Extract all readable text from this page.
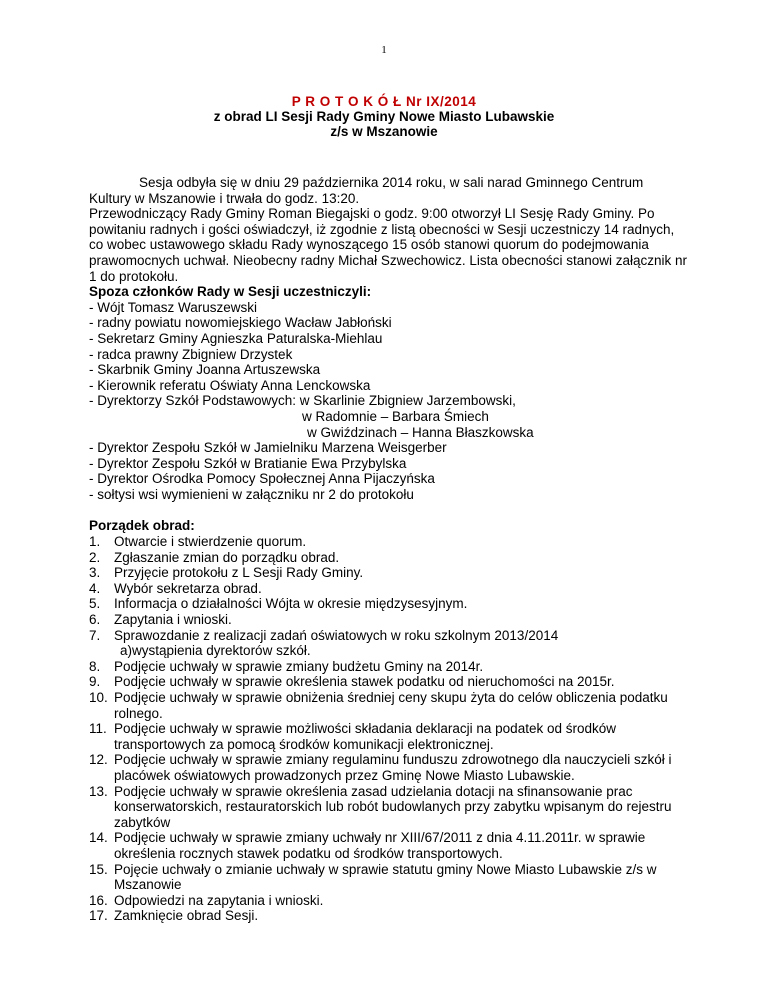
1
P R O T O K Ó Ł Nr IX/2014
z obrad LI Sesji Rady Gminy Nowe Miasto Lubawskie
z/s w Mszanowie

Sesja odbyła się w dniu 29 października 2014 roku, w sali narad Gminnego Centrum Kultury w Mszanowie i trwała do godz. 13:20.

Przewodniczący Rady Gminy Roman Biegajski o godz. 9:00 otworzył LI Sesję Rady Gminy. Po powitaniu radnych i gości oświadczył, iż zgodnie z listą obecności w Sesji uczestniczy 14 radnych, co wobec ustawowego składu Rady wynoszącego 15 osób stanowi quorum do podejmowania prawomocnych uchwał. Nieobecny radny Michał Szwechowicz. Lista obecności stanowi załącznik nr 1 do protokołu.

Spoza członków Rady w Sesji uczestniczyli:

- Wójt Tomasz Waruszewski
- radny powiatu nowomiejskiego Wacław Jabłoński
- Sekretarz Gminy Agnieszka Paturalska-Miehlau
- radca prawny Zbigniew Drzystek
- Skarbnik Gminy Joanna Artuszewska
- Kierownik referatu Oświaty Anna Lenckowska
- Dyrektorzy Szkół Podstawowych: w Skarlinie Zbigniew Jarzembowski,
w Radomnie – Barbara Śmiech
w Gwiździnach – Hanna Błaszkowska
- Dyrektor Zespołu Szkół w Jamielniku Marzena Weisgerber
- Dyrektor Zespołu Szkół w Bratianie Ewa Przybylska
- Dyrektor Ośrodka Pomocy Społecznej Anna Pijaczyńska
- sołtysi wsi wymienieni w załączniku nr 2 do protokołu

Porządek obrad:

1. Otwarcie i stwierdzenie quorum.
2. Zgłaszanie zmian do porządku obrad.
3. Przyjęcie protokołu z L Sesji Rady Gminy.
4. Wybór sekretarza obrad.
5. Informacja o działalności Wójta w okresie międzysesyjnym.
6. Zapytania i wnioski.
7. Sprawozdanie z realizacji zadań oświatowych w roku szkolnym 2013/2014
a)wystąpienia dyrektorów szkół.
8. Podjęcie uchwały w sprawie zmiany budżetu Gminy na 2014r.
9. Podjęcie uchwały w sprawie określenia stawek podatku od nieruchomości na 2015r.
10. Podjęcie uchwały w sprawie obniżenia średniej ceny skupu żyta do celów obliczenia podatku rolnego.
11. Podjęcie uchwały w sprawie możliwości składania deklaracji na podatek od środków transportowych za pomocą środków komunikacji elektronicznej.
12. Podjęcie uchwały w sprawie zmiany regulaminu funduszu zdrowotnego dla nauczycieli szkół i placówek oświatowych prowadzonych przez Gminę Nowe Miasto Lubawskie.
13. Podjęcie uchwały w sprawie określenia zasad udzielania dotacji na sfinansowanie prac konserwatorskich, restauratorskich lub robót budowlanych przy zabytku wpisanym do rejestru zabytków
14. Podjęcie uchwały w sprawie zmiany uchwały nr XIII/67/2011 z dnia 4.11.2011r. w sprawie określenia rocznych stawek podatku od środków transportowych.
15. Pojęcie uchwały o zmianie uchwały w sprawie statutu gminy Nowe Miasto Lubawskie z/s w Mszanowie
16. Odpowiedzi na zapytania i wnioski.
17. Zamknięcie obrad Sesji.
